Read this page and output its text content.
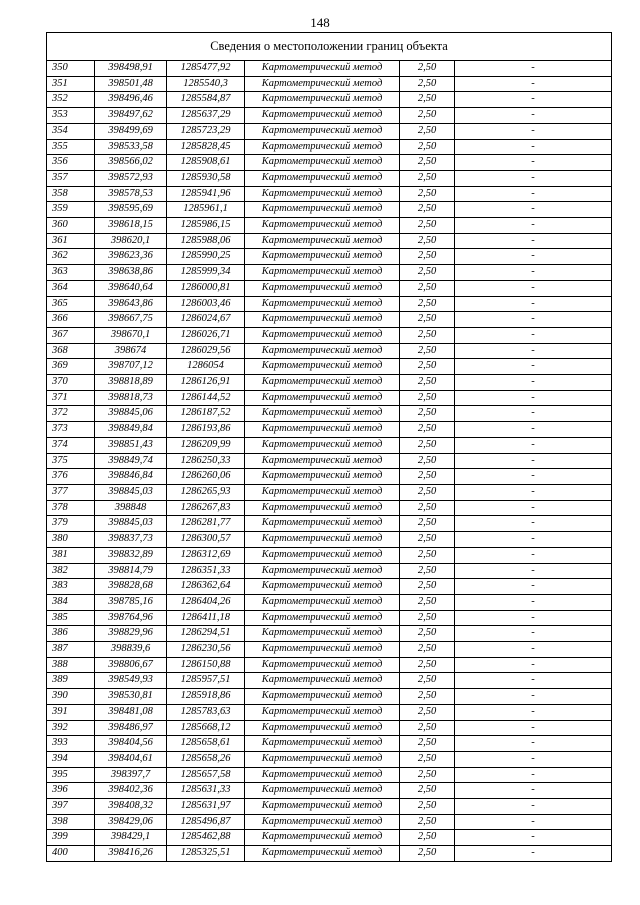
148
Сведения о местоположении границ объекта					
350	398498,91	1285477,92	Картометрический метод	2,50	-
351	398501,48	1285540,3	Картометрический метод	2,50	-
352	398496,46	1285584,87	Картометрический метод	2,50	-
353	398497,62	1285637,29	Картометрический метод	2,50	-
354	398499,69	1285723,29	Картометрический метод	2,50	-
355	398533,58	1285828,45	Картометрический метод	2,50	-
356	398566,02	1285908,61	Картометрический метод	2,50	-
357	398572,93	1285930,58	Картометрический метод	2,50	-
358	398578,53	1285941,96	Картометрический метод	2,50	-
359	398595,69	1285961,1	Картометрический метод	2,50	-
360	398618,15	1285986,15	Картометрический метод	2,50	-
361	398620,1	1285988,06	Картометрический метод	2,50	-
362	398623,36	1285990,25	Картометрический метод	2,50	-
363	398638,86	1285999,34	Картометрический метод	2,50	-
364	398640,64	1286000,81	Картометрический метод	2,50	-
365	398643,86	1286003,46	Картометрический метод	2,50	-
366	398667,75	1286024,67	Картометрический метод	2,50	-
367	398670,1	1286026,71	Картометрический метод	2,50	-
368	398674	1286029,56	Картометрический метод	2,50	-
369	398707,12	1286054	Картометрический метод	2,50	-
370	398818,89	1286126,91	Картометрический метод	2,50	-
371	398818,73	1286144,52	Картометрический метод	2,50	-
372	398845,06	1286187,52	Картометрический метод	2,50	-
373	398849,84	1286193,86	Картометрический метод	2,50	-
374	398851,43	1286209,99	Картометрический метод	2,50	-
375	398849,74	1286250,33	Картометрический метод	2,50	-
376	398846,84	1286260,06	Картометрический метод	2,50	-
377	398845,03	1286265,93	Картометрический метод	2,50	-
378	398848	1286267,83	Картометрический метод	2,50	-
379	398845,03	1286281,77	Картометрический метод	2,50	-
380	398837,73	1286300,57	Картометрический метод	2,50	-
381	398832,89	1286312,69	Картометрический метод	2,50	-
382	398814,79	1286351,33	Картометрический метод	2,50	-
383	398828,68	1286362,64	Картометрический метод	2,50	-
384	398785,16	1286404,26	Картометрический метод	2,50	-
385	398764,96	1286411,18	Картометрический метод	2,50	-
386	398829,96	1286294,51	Картометрический метод	2,50	-
387	398839,6	1286230,56	Картометрический метод	2,50	-
388	398806,67	1286150,88	Картометрический метод	2,50	-
389	398549,93	1285957,51	Картометрический метод	2,50	-
390	398530,81	1285918,86	Картометрический метод	2,50	-
391	398481,08	1285783,63	Картометрический метод	2,50	-
392	398486,97	1285668,12	Картометрический метод	2,50	-
393	398404,56	1285658,61	Картометрический метод	2,50	-
394	398404,61	1285658,26	Картометрический метод	2,50	-
395	398397,7	1285657,58	Картометрический метод	2,50	-
396	398402,36	1285631,33	Картометрический метод	2,50	-
397	398408,32	1285631,97	Картометрический метод	2,50	-
398	398429,06	1285496,87	Картометрический метод	2,50	-
399	398429,1	1285462,88	Картометрический метод	2,50	-
400	398416,26	1285325,51	Картометрический метод	2,50	-
